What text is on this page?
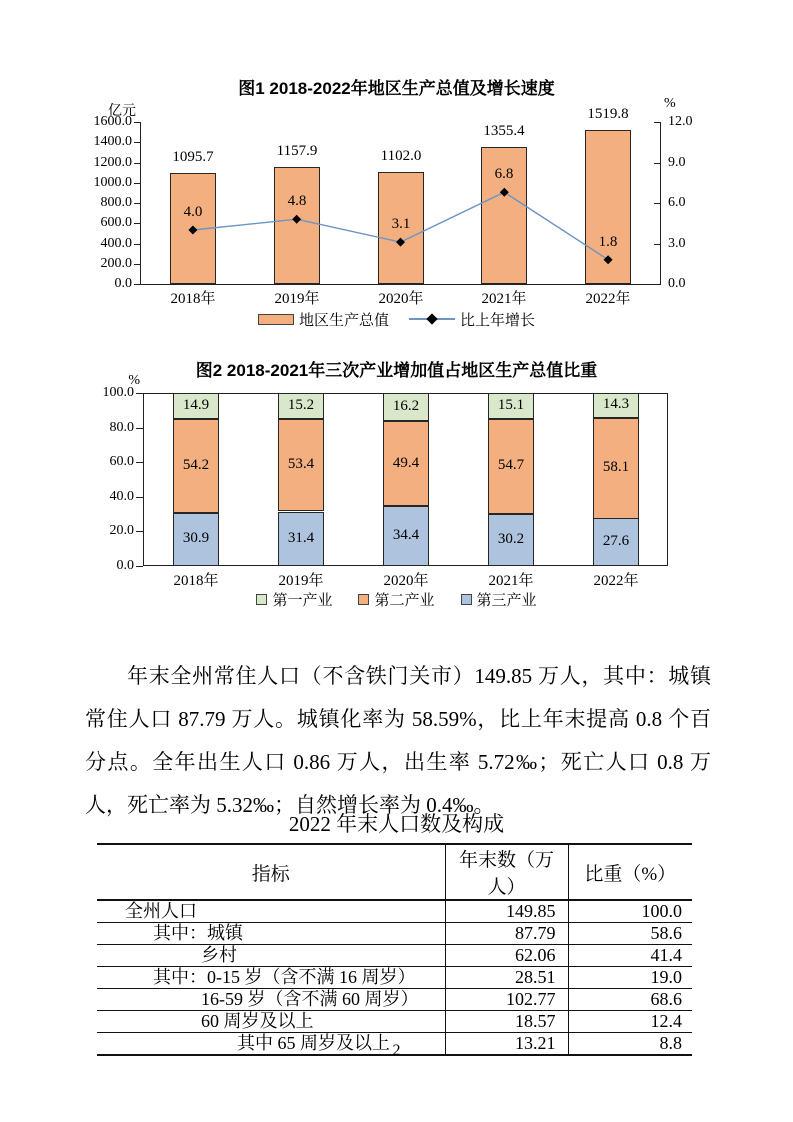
图1 2018-2022年地区生产总值及增长速度
亿元
%
0.0
200.0
400.0
600.0
800.0
1000.0
1200.0
1400.0
1600.0
0.0
3.0
6.0
9.0
12.0
1095.7
2018年
1157.9
2019年
1102.0
2020年
1355.4
2021年
1519.8
2022年
4.0
4.8
3.1
6.8
1.8
地区生产总值	比上年增长
图2 2018-2021年三次产业增加值占地区生产总值比重
%
0.0
20.0
40.0
60.0
80.0
100.0
30.9
54.2
14.9
2018年
31.4
53.4
15.2
2019年
34.4
49.4
16.2
2020年
30.2
54.7
15.1
2021年
27.6
58.1
14.3
2022年
第一产业	第二产业	第三产业

年末全州常住人口（不含铁门关市）149.85 万人，其中：城镇常住人口 87.79 万人。城镇化率为 58.59%，比上年末提高 0.8 个百分点。全年出生人口 0.86 万人，出生率 5.72‰；死亡人口 0.8 万人，死亡率为 5.32‰；自然增长率为 0.4‰。

2022 年末人口数及构成
指标	年末数（万人）	比重（%）
全州人口	149.85	100.0
其中：城镇	87.79	58.6
乡村	62.06	41.4
其中：0-15 岁（含不满 16 周岁）	28.51	19.0
16-59 岁（含不满 60 周岁）	102.77	68.6
60 周岁及以上	18.57	12.4
其中 65 周岁及以上	13.21	8.8
2
